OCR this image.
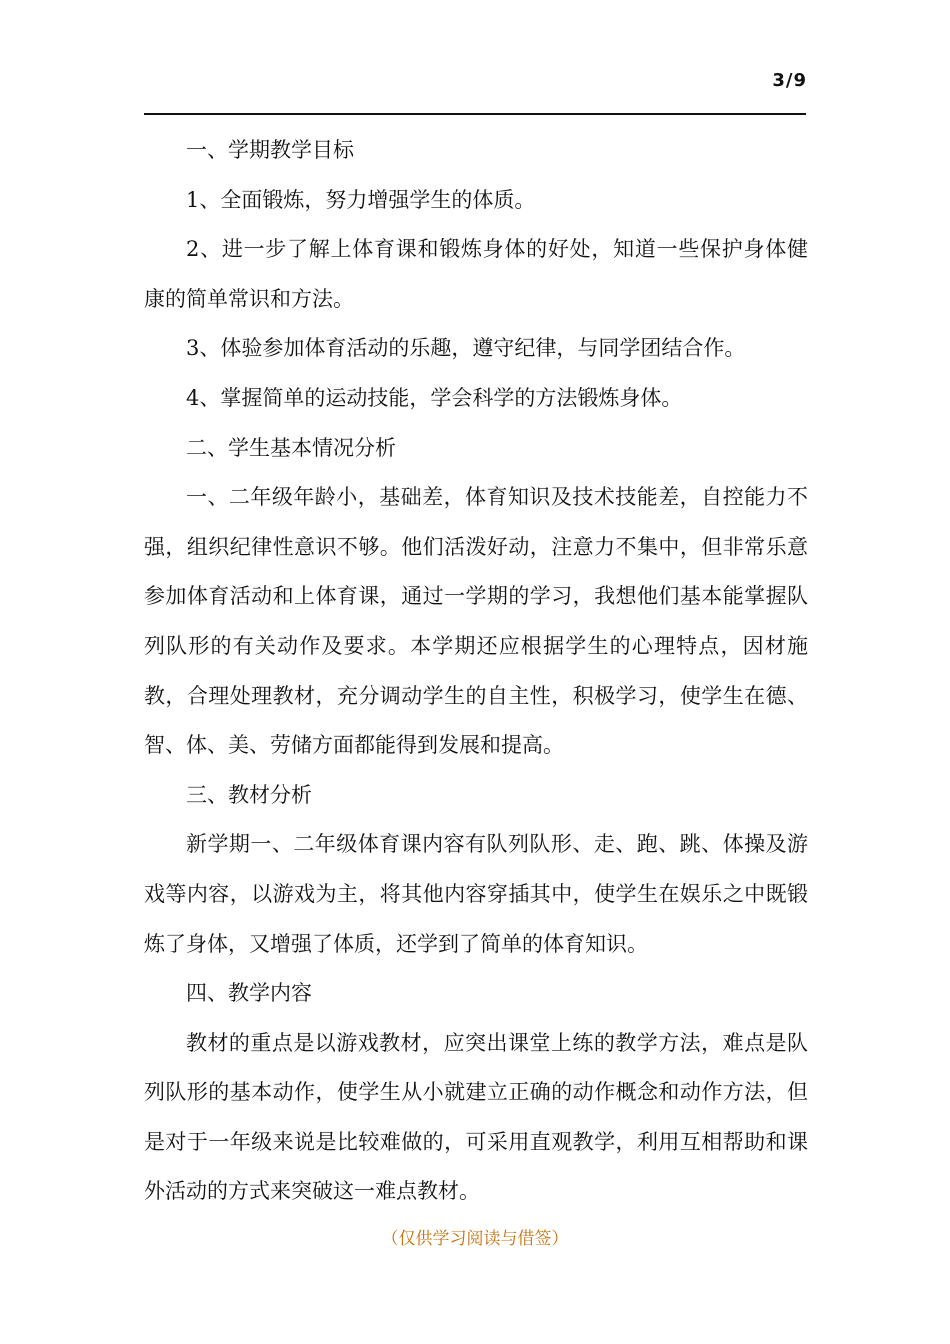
3/9

一、学期教学目标

1、全面锻炼，努力增强学生的体质。

2、进一步了解上体育课和锻炼身体的好处，知道一些保护身体健康的简单常识和方法。

3、体验参加体育活动的乐趣，遵守纪律，与同学团结合作。

4、掌握简单的运动技能，学会科学的方法锻炼身体。

二、学生基本情况分析

一、二年级年龄小，基础差，体育知识及技术技能差，自控能力不强，组织纪律性意识不够。他们活泼好动，注意力不集中，但非常乐意参加体育活动和上体育课，通过一学期的学习，我想他们基本能掌握队列队形的有关动作及要求。本学期还应根据学生的心理特点，因材施教，合理处理教材，充分调动学生的自主性，积极学习，使学生在德、智、体、美、劳储方面都能得到发展和提高。

三、教材分析

新学期一、二年级体育课内容有队列队形、走、跑、跳、体操及游戏等内容，以游戏为主，将其他内容穿插其中，使学生在娱乐之中既锻炼了身体，又增强了体质，还学到了简单的体育知识。

四、教学内容

教材的重点是以游戏教材，应突出课堂上练的教学方法，难点是队列队形的基本动作，使学生从小就建立正确的动作概念和动作方法，但是对于一年级来说是比较难做的，可采用直观教学，利用互相帮助和课外活动的方式来突破这一难点教材。

（仅供学习阅读与借签）
